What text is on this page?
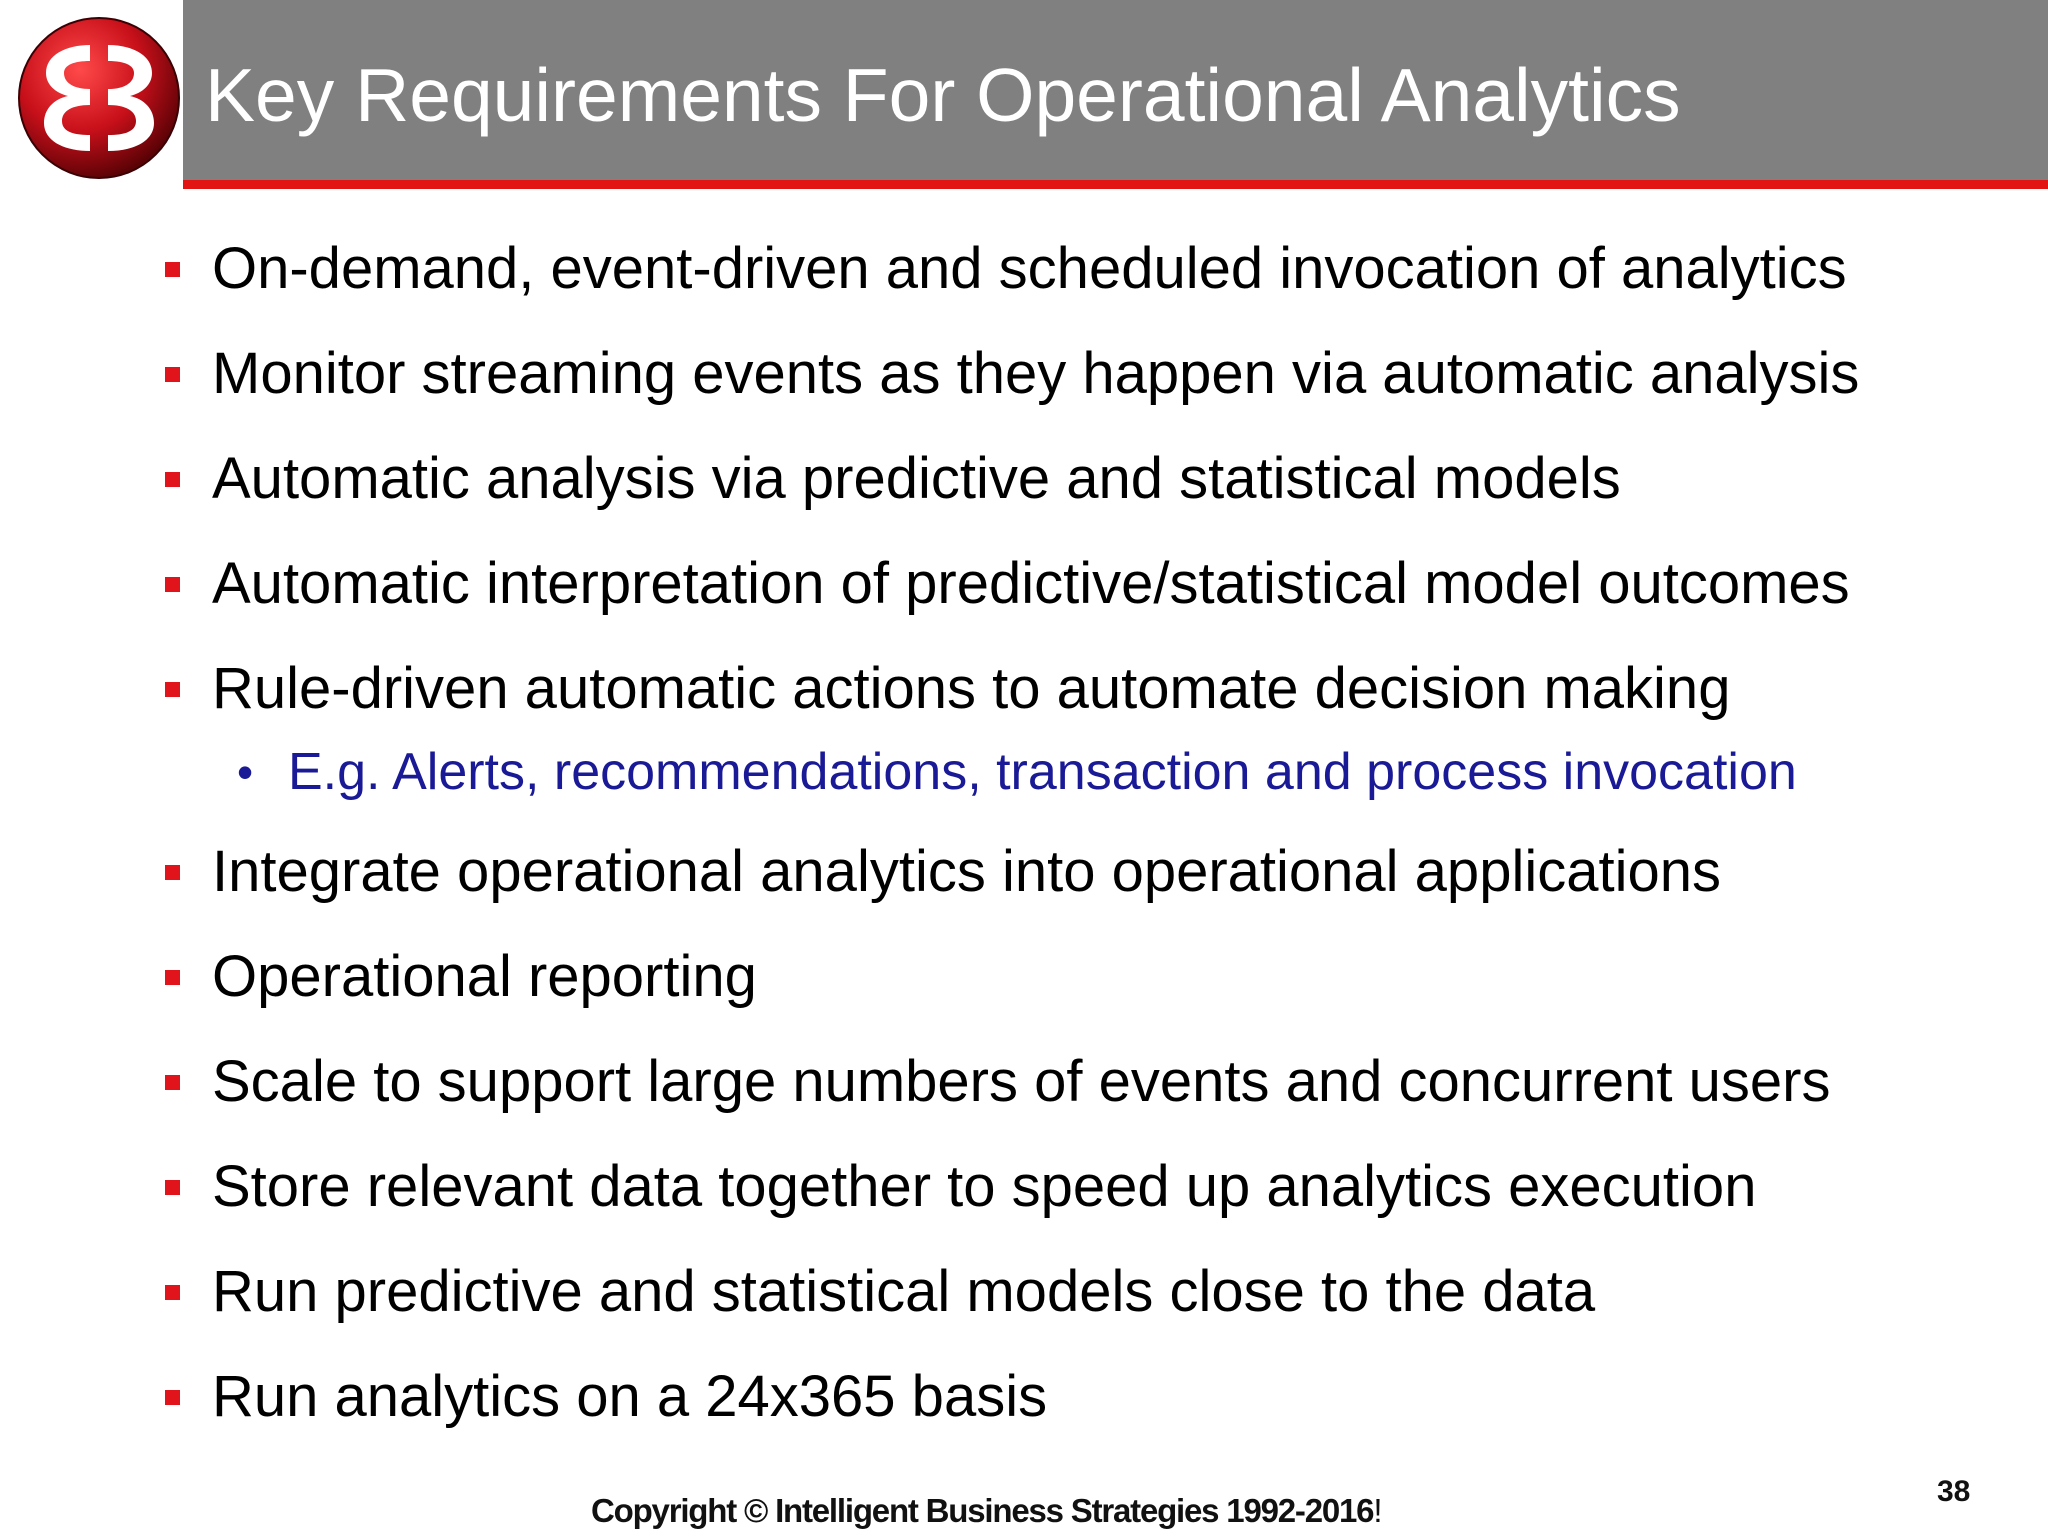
Key Requirements For Operational Analytics
On-demand, event-driven and scheduled invocation of analytics
Monitor streaming events as they happen via automatic analysis
Automatic analysis via predictive and statistical models
Automatic interpretation of predictive/statistical model outcomes
Rule-driven automatic actions to automate decision making
• E.g. Alerts, recommendations, transaction and process invocation
Integrate operational analytics into operational applications
Operational reporting
Scale to support large numbers of events and concurrent users
Store relevant data together to speed up analytics execution
Run predictive and statistical models close to the data
Run analytics on a 24x365 basis
Copyright © Intelligent Business Strategies 1992-2016!
38
